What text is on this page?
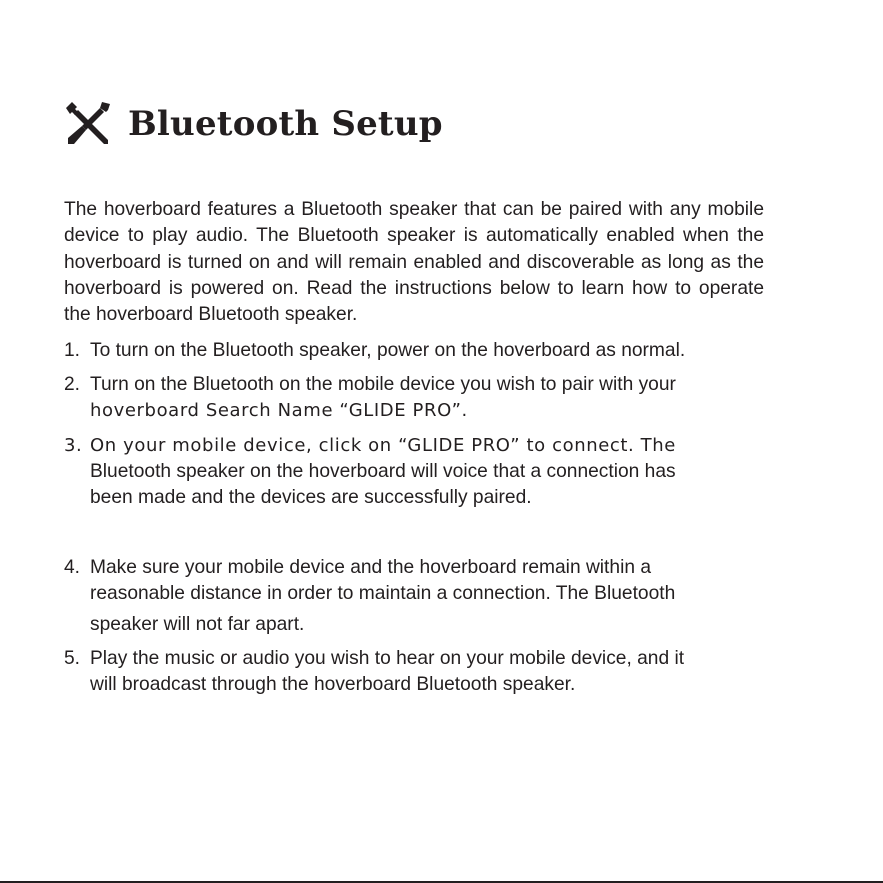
Bluetooth Setup

The hoverboard features a Bluetooth speaker that can be paired with any mobile device to play audio. The Bluetooth speaker is automatically enabled when the hoverboard is turned on and will remain enabled and discoverable as long as the hoverboard is powered on. Read the instructions below to learn how to operate the hoverboard Bluetooth speaker.

1. To turn on the Bluetooth speaker, power on the hoverboard as normal.
2. Turn on the Bluetooth on the mobile device you wish to pair with your
hoverboard Search Name “GLIDE PRO”.
3. On your mobile device, click on “GLIDE PRO” to connect. The
Bluetooth speaker on the hoverboard will voice that a connection has
been made and the devices are successfully paired.
4. Make sure your mobile device and the hoverboard remain within a
reasonable distance in order to maintain a connection. The Bluetooth
speaker will not far apart.
5. Play the music or audio you wish to hear on your mobile device, and it
will broadcast through the hoverboard Bluetooth speaker.
